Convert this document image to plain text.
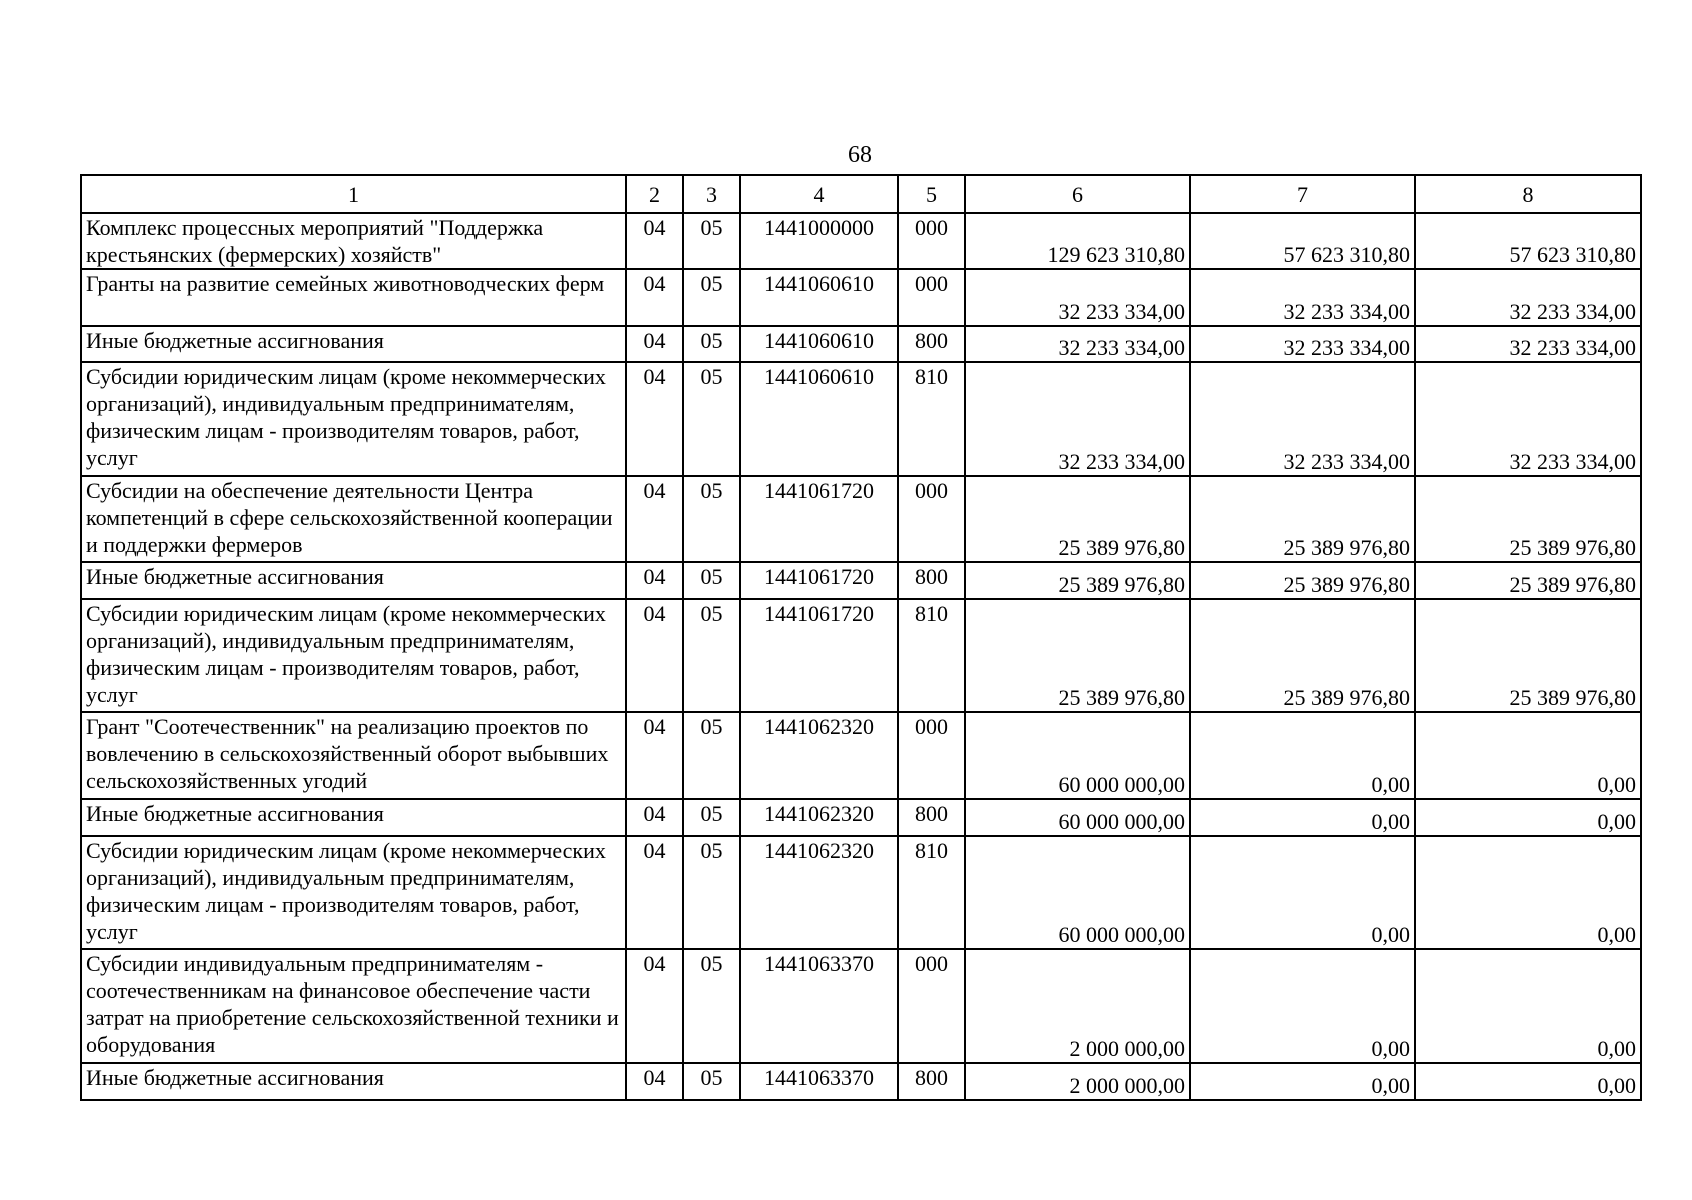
68
1	2	3	4	5	6	7	8
Комплекс процессных мероприятий "Поддержка крестьянских (фермерских) хозяйств"	04	05	1441000000	000	129 623 310,80	57 623 310,80	57 623 310,80
Гранты на развитие семейных животноводческих ферм	04	05	1441060610	000	32 233 334,00	32 233 334,00	32 233 334,00
Иные бюджетные ассигнования	04	05	1441060610	800	32 233 334,00	32 233 334,00	32 233 334,00
Субсидии юридическим лицам (кроме некоммерческих организаций), индивидуальным предпринимателям, физическим лицам - производителям товаров, работ, услуг	04	05	1441060610	810	32 233 334,00	32 233 334,00	32 233 334,00
Субсидии на обеспечение деятельности Центра компетенций в сфере сельскохозяйственной кооперации и поддержки фермеров	04	05	1441061720	000	25 389 976,80	25 389 976,80	25 389 976,80
Иные бюджетные ассигнования	04	05	1441061720	800	25 389 976,80	25 389 976,80	25 389 976,80
Субсидии юридическим лицам (кроме некоммерческих организаций), индивидуальным предпринимателям, физическим лицам - производителям товаров, работ, услуг	04	05	1441061720	810	25 389 976,80	25 389 976,80	25 389 976,80
Грант "Соотечественник" на реализацию проектов по вовлечению в сельскохозяйственный оборот выбывших сельскохозяйственных угодий	04	05	1441062320	000	60 000 000,00	0,00	0,00
Иные бюджетные ассигнования	04	05	1441062320	800	60 000 000,00	0,00	0,00
Субсидии юридическим лицам (кроме некоммерческих организаций), индивидуальным предпринимателям, физическим лицам - производителям товаров, работ, услуг	04	05	1441062320	810	60 000 000,00	0,00	0,00
Субсидии индивидуальным предпринимателям - соотечественникам на финансовое обеспечение части затрат на приобретение сельскохозяйственной техники и оборудования	04	05	1441063370	000	2 000 000,00	0,00	0,00
Иные бюджетные ассигнования	04	05	1441063370	800	2 000 000,00	0,00	0,00
